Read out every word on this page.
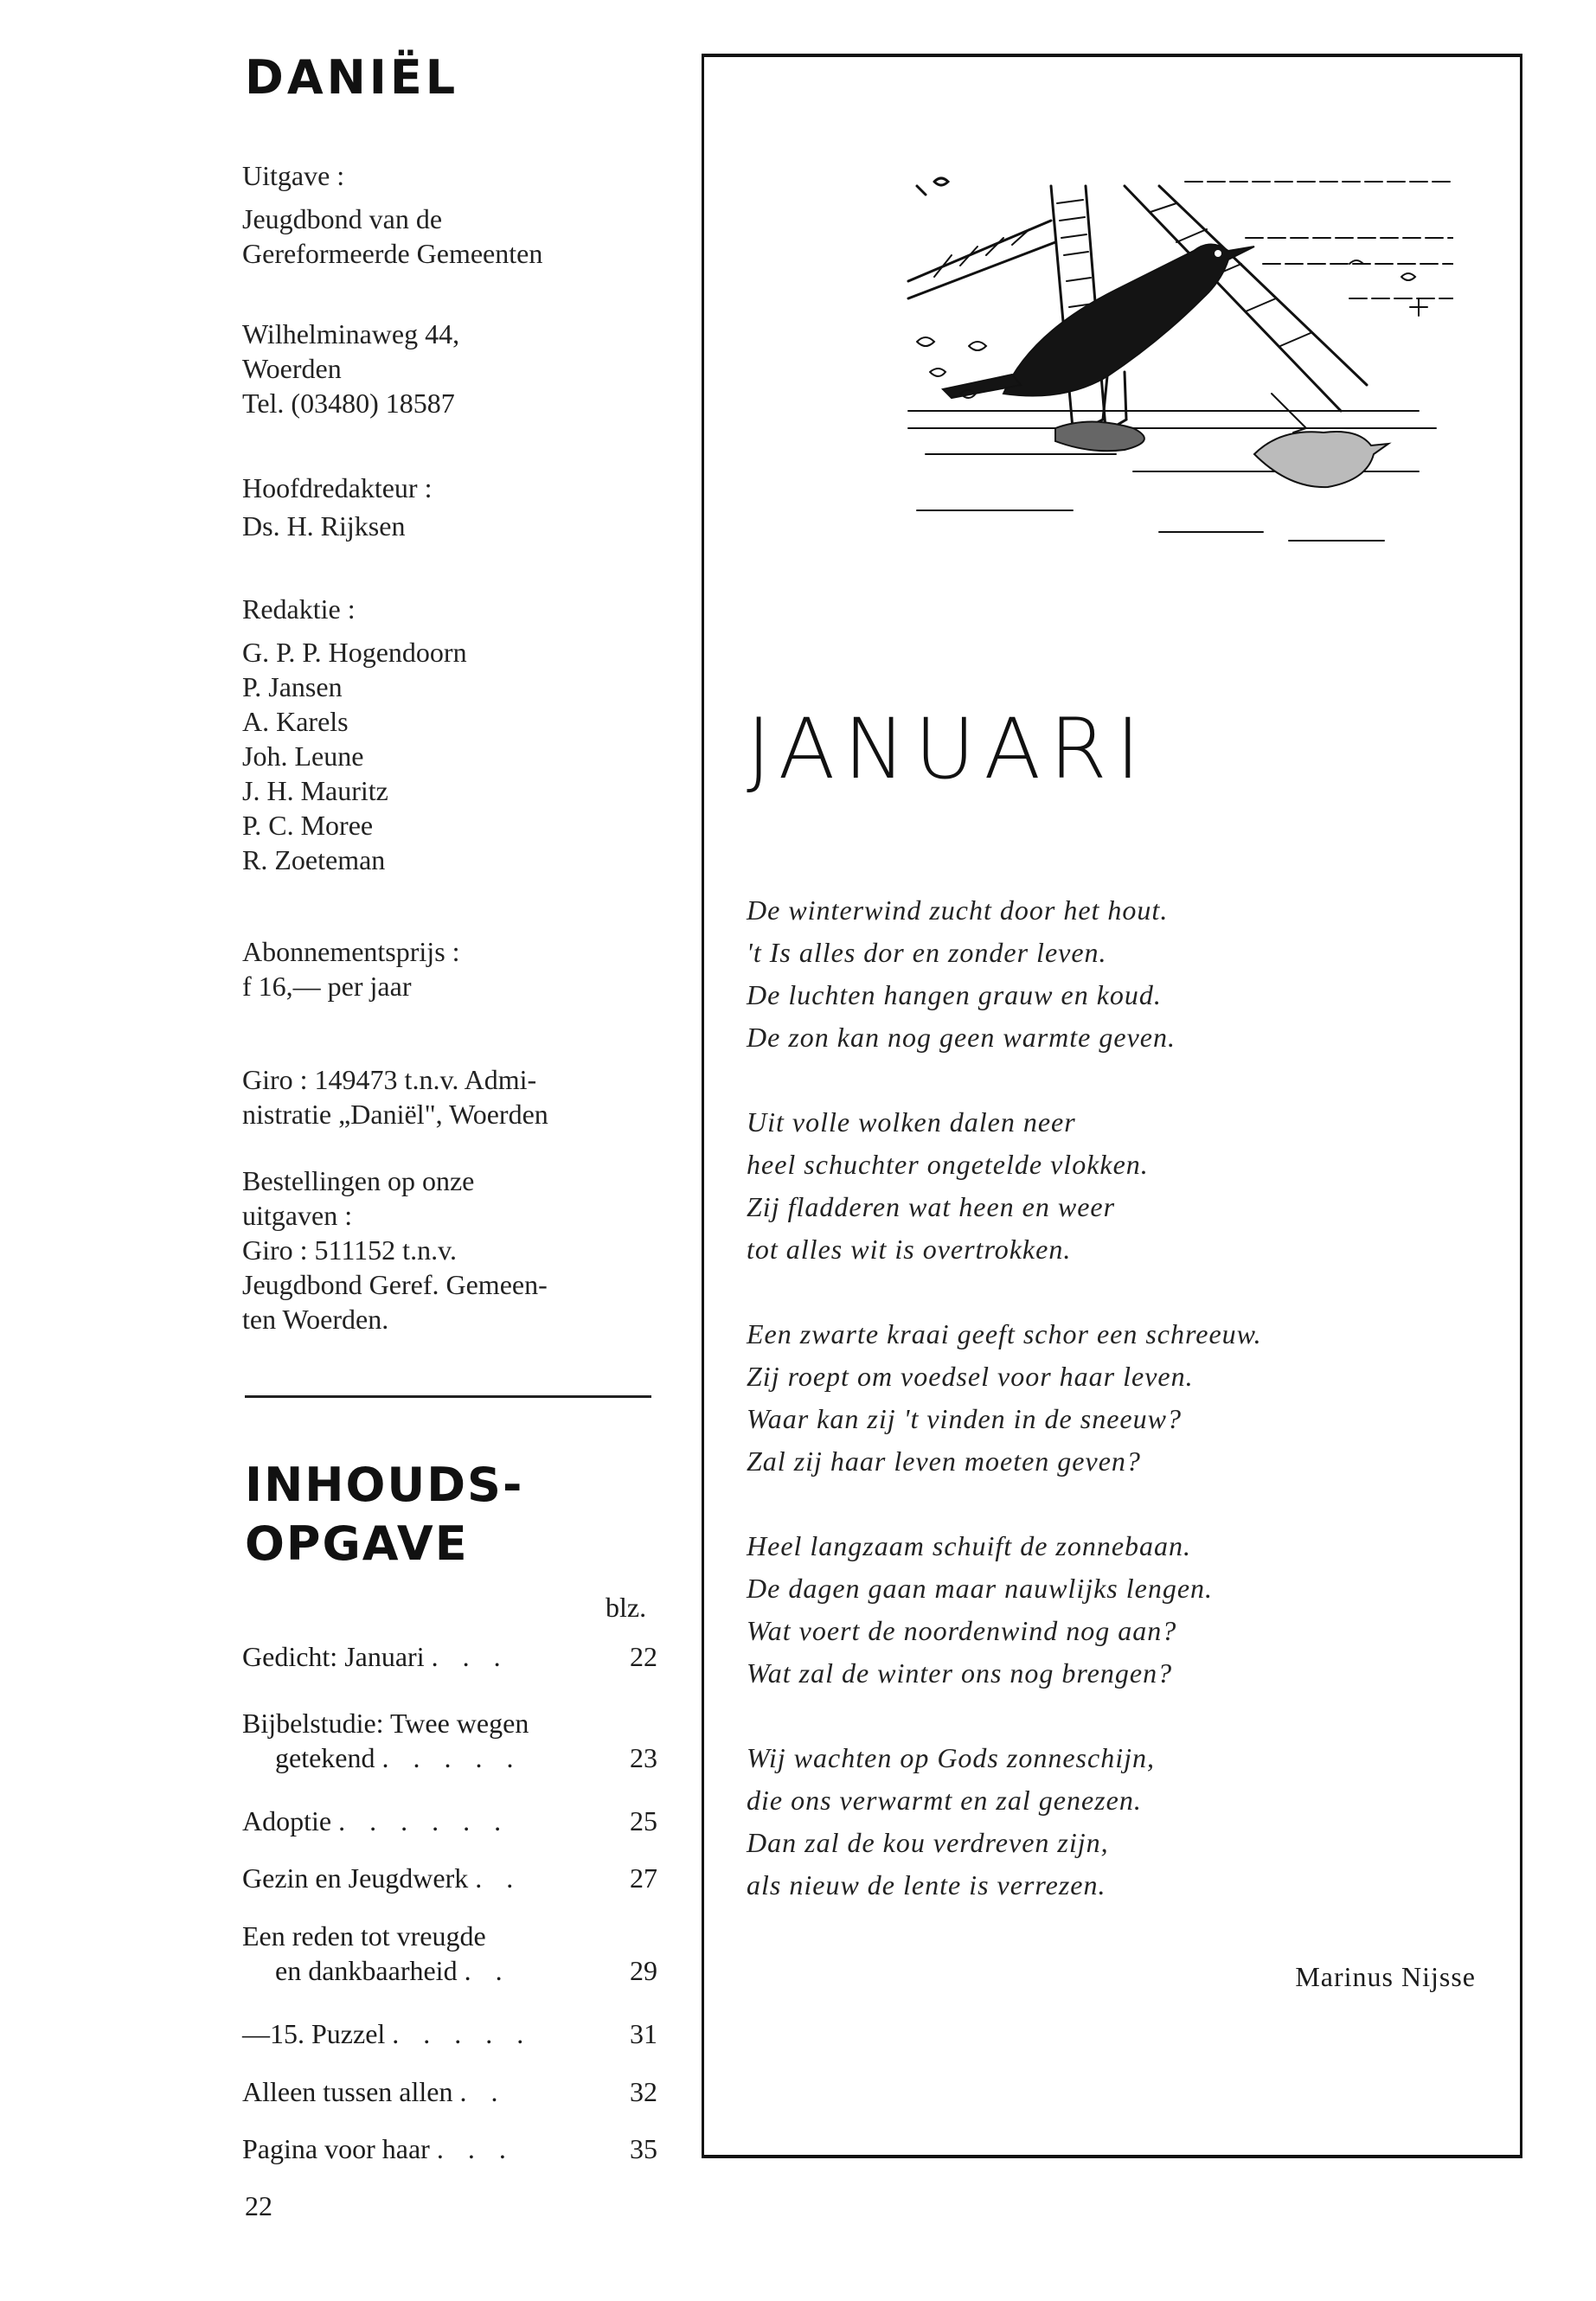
DANIËL
Uitgave :
Jeugdbond van de
Gereformeerde Gemeenten
Wilhelminaweg 44,
Woerden
Tel. (03480) 18587
Hoofdredakteur :
Ds. H. Rijksen
Redaktie :
G. P. P. Hogendoorn
P. Jansen
A. Karels
Joh. Leune
J. H. Mauritz
P. C. Moree
R. Zoeteman
Abonnementsprijs :
f 16,— per jaar
Giro : 149473 t.n.v. Admi-
nistratie „Daniël", Woerden
Bestellingen op onze
uitgaven :
Giro : 511152 t.n.v.
Jeugdbond Geref. Gemeen-
ten Woerden.
INHOUDS-
OPGAVE
blz.
Gedicht: Januari . . .	22
Bijbelstudie: Twee wegen
getekend . . . . .	23
Adoptie . . . . . .	25
Gezin en Jeugdwerk . .	27
Een reden tot vreugde
en dankbaarheid . .	29
—15. Puzzel . . . . .	31
Alleen tussen allen . .	32
Pagina voor haar . . .	35
22
JANUARI
De winterwind zucht door het hout.
't Is alles dor en zonder leven.
De luchten hangen grauw en koud.
De zon kan nog geen warmte geven.
Uit volle wolken dalen neer
heel schuchter ongetelde vlokken.
Zij fladderen wat heen en weer
tot alles wit is overtrokken.
Een zwarte kraai geeft schor een schreeuw.
Zij roept om voedsel voor haar leven.
Waar kan zij 't vinden in de sneeuw?
Zal zij haar leven moeten geven?
Heel langzaam schuift de zonnebaan.
De dagen gaan maar nauwlijks lengen.
Wat voert de noordenwind nog aan?
Wat zal de winter ons nog brengen?
Wij wachten op Gods zonneschijn,
die ons verwarmt en zal genezen.
Dan zal de kou verdreven zijn,
als nieuw de lente is verrezen.
Marinus Nijsse
